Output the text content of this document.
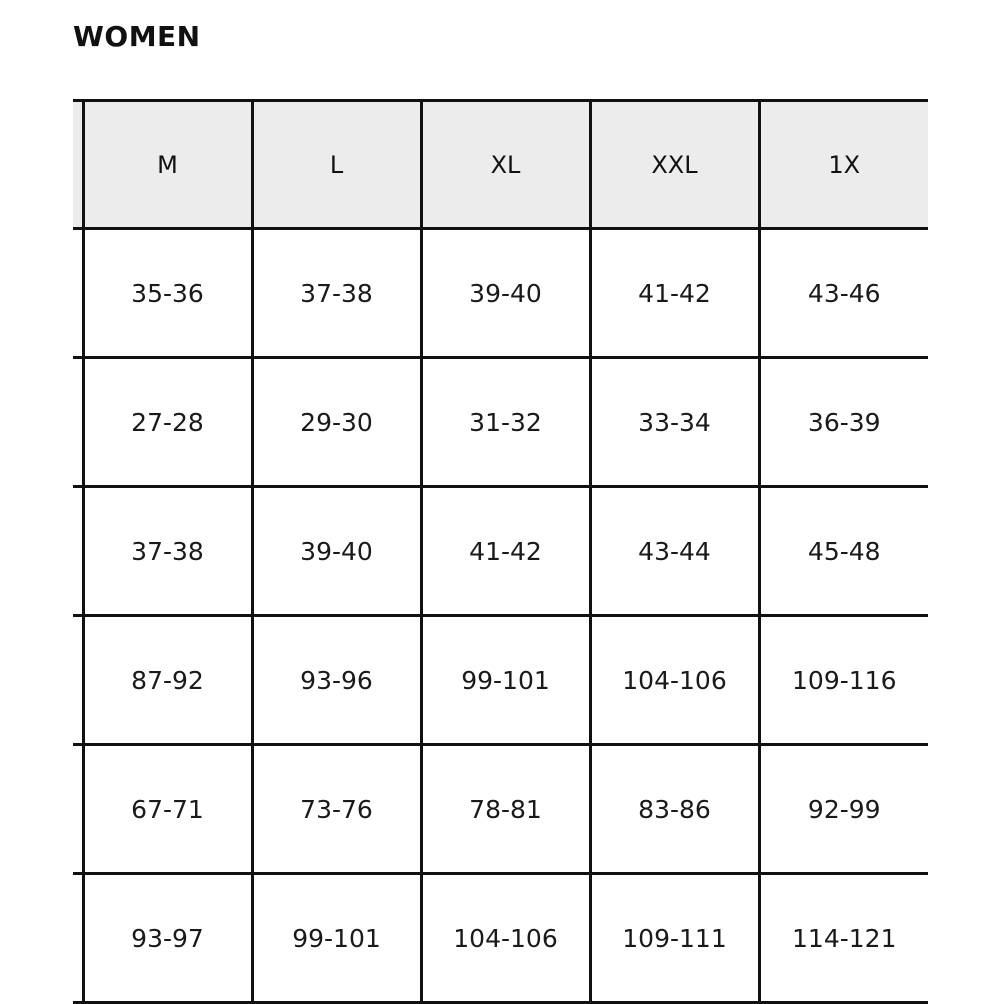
WOMEN
	M	L	XL	XXL	1X
	35-36	37-38	39-40	41-42	43-46
	27-28	29-30	31-32	33-34	36-39
	37-38	39-40	41-42	43-44	45-48
	87-92	93-96	99-101	104-106	109-116
	67-71	73-76	78-81	83-86	92-99
	93-97	99-101	104-106	109-111	114-121
